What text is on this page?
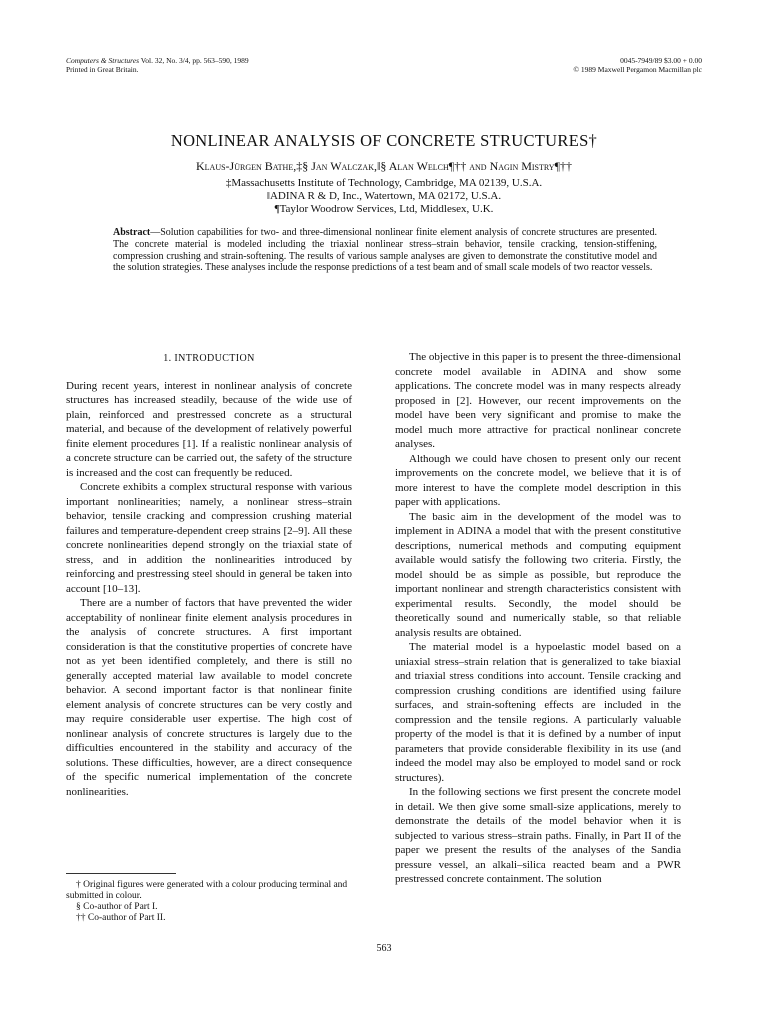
Computers & Structures Vol. 32, No. 3/4, pp. 563–590, 1989
Printed in Great Britain.
0045-7949/89 $3.00 + 0.00
© 1989 Maxwell Pergamon Macmillan plc
NONLINEAR ANALYSIS OF CONCRETE STRUCTURES†
Klaus-Jürgen Bathe,‡§ Jan Walczak,‖§ Alan Welch¶†† and Nagin Mistry¶††
‡Massachusetts Institute of Technology, Cambridge, MA 02139, U.S.A.
‖ADINA R & D, Inc., Watertown, MA 02172, U.S.A.
¶Taylor Woodrow Services, Ltd, Middlesex, U.K.
Abstract—Solution capabilities for two- and three-dimensional nonlinear finite element analysis of concrete structures are presented. The concrete material is modeled including the triaxial nonlinear stress–strain behavior, tensile cracking, tension-stiffening, compression crushing and strain-softening. The results of various sample analyses are given to demonstrate the constitutive model and the solution strategies. These analyses include the response predictions of a test beam and of small scale models of two reactor vessels.
1. INTRODUCTION

During recent years, interest in nonlinear analysis of concrete structures has increased steadily, because of the wide use of plain, reinforced and prestressed concrete as a structural material, and because of the development of relatively powerful finite element procedures [1]. If a realistic nonlinear analysis of a concrete structure can be carried out, the safety of the structure is increased and the cost can frequently be reduced.

Concrete exhibits a complex structural response with various important nonlinearities; namely, a nonlinear stress–strain behavior, tensile cracking and compression crushing material failures and temperature-dependent creep strains [2–9]. All these concrete nonlinearities depend strongly on the triaxial state of stress, and in addition the nonlinearities introduced by reinforcing and prestressing steel should in general be taken into account [10–13].

There are a number of factors that have prevented the wider acceptability of nonlinear finite element analysis procedures in the analysis of concrete structures. A first important consideration is that the constitutive properties of concrete have not as yet been identified completely, and there is still no generally accepted material law available to model concrete behavior. A second important factor is that nonlinear finite element analysis of concrete structures can be very costly and may require considerable user expertise. The high cost of nonlinear analysis of concrete structures is largely due to the difficulties encountered in the stability and accuracy of the solutions. These difficulties, however, are a direct consequence of the specific numerical implementation of the concrete nonlinearities.

The objective in this paper is to present the three-dimensional concrete model available in ADINA and show some applications. The concrete model was in many respects already proposed in [2]. However, our recent improvements on the model have been very significant and promise to make the model much more attractive for practical nonlinear concrete analyses.

Although we could have chosen to present only our recent improvements on the concrete model, we believe that it is of more interest to have the complete model description in this paper with applications.

The basic aim in the development of the model was to implement in ADINA a model that with the present constitutive descriptions, numerical methods and computing equipment available would satisfy the following two criteria. Firstly, the model should be as simple as possible, but reproduce the important nonlinear and strength characteristics consistent with experimental results. Secondly, the model should be theoretically sound and numerically stable, so that reliable analysis results are obtained.

The material model is a hypoelastic model based on a uniaxial stress–strain relation that is generalized to take biaxial and triaxial stress conditions into account. Tensile cracking and compression crushing conditions are identified using failure surfaces, and strain-softening effects are included in the compression and the tensile regions. A particularly valuable property of the model is that it is defined by a number of input parameters that provide considerable flexibility in its use (and indeed the model may also be employed to model sand or rock structures).

In the following sections we first present the concrete model in detail. We then give some small-size applications, merely to demonstrate the details of the model behavior when it is subjected to various stress–strain paths. Finally, in Part II of the paper we present the results of the analyses of the Sandia pressure vessel, an alkali–silica reacted beam and a PWR prestressed concrete containment. The solution

† Original figures were generated with a colour producing terminal and submitted in colour.
§ Co-author of Part I.
†† Co-author of Part II.
563
